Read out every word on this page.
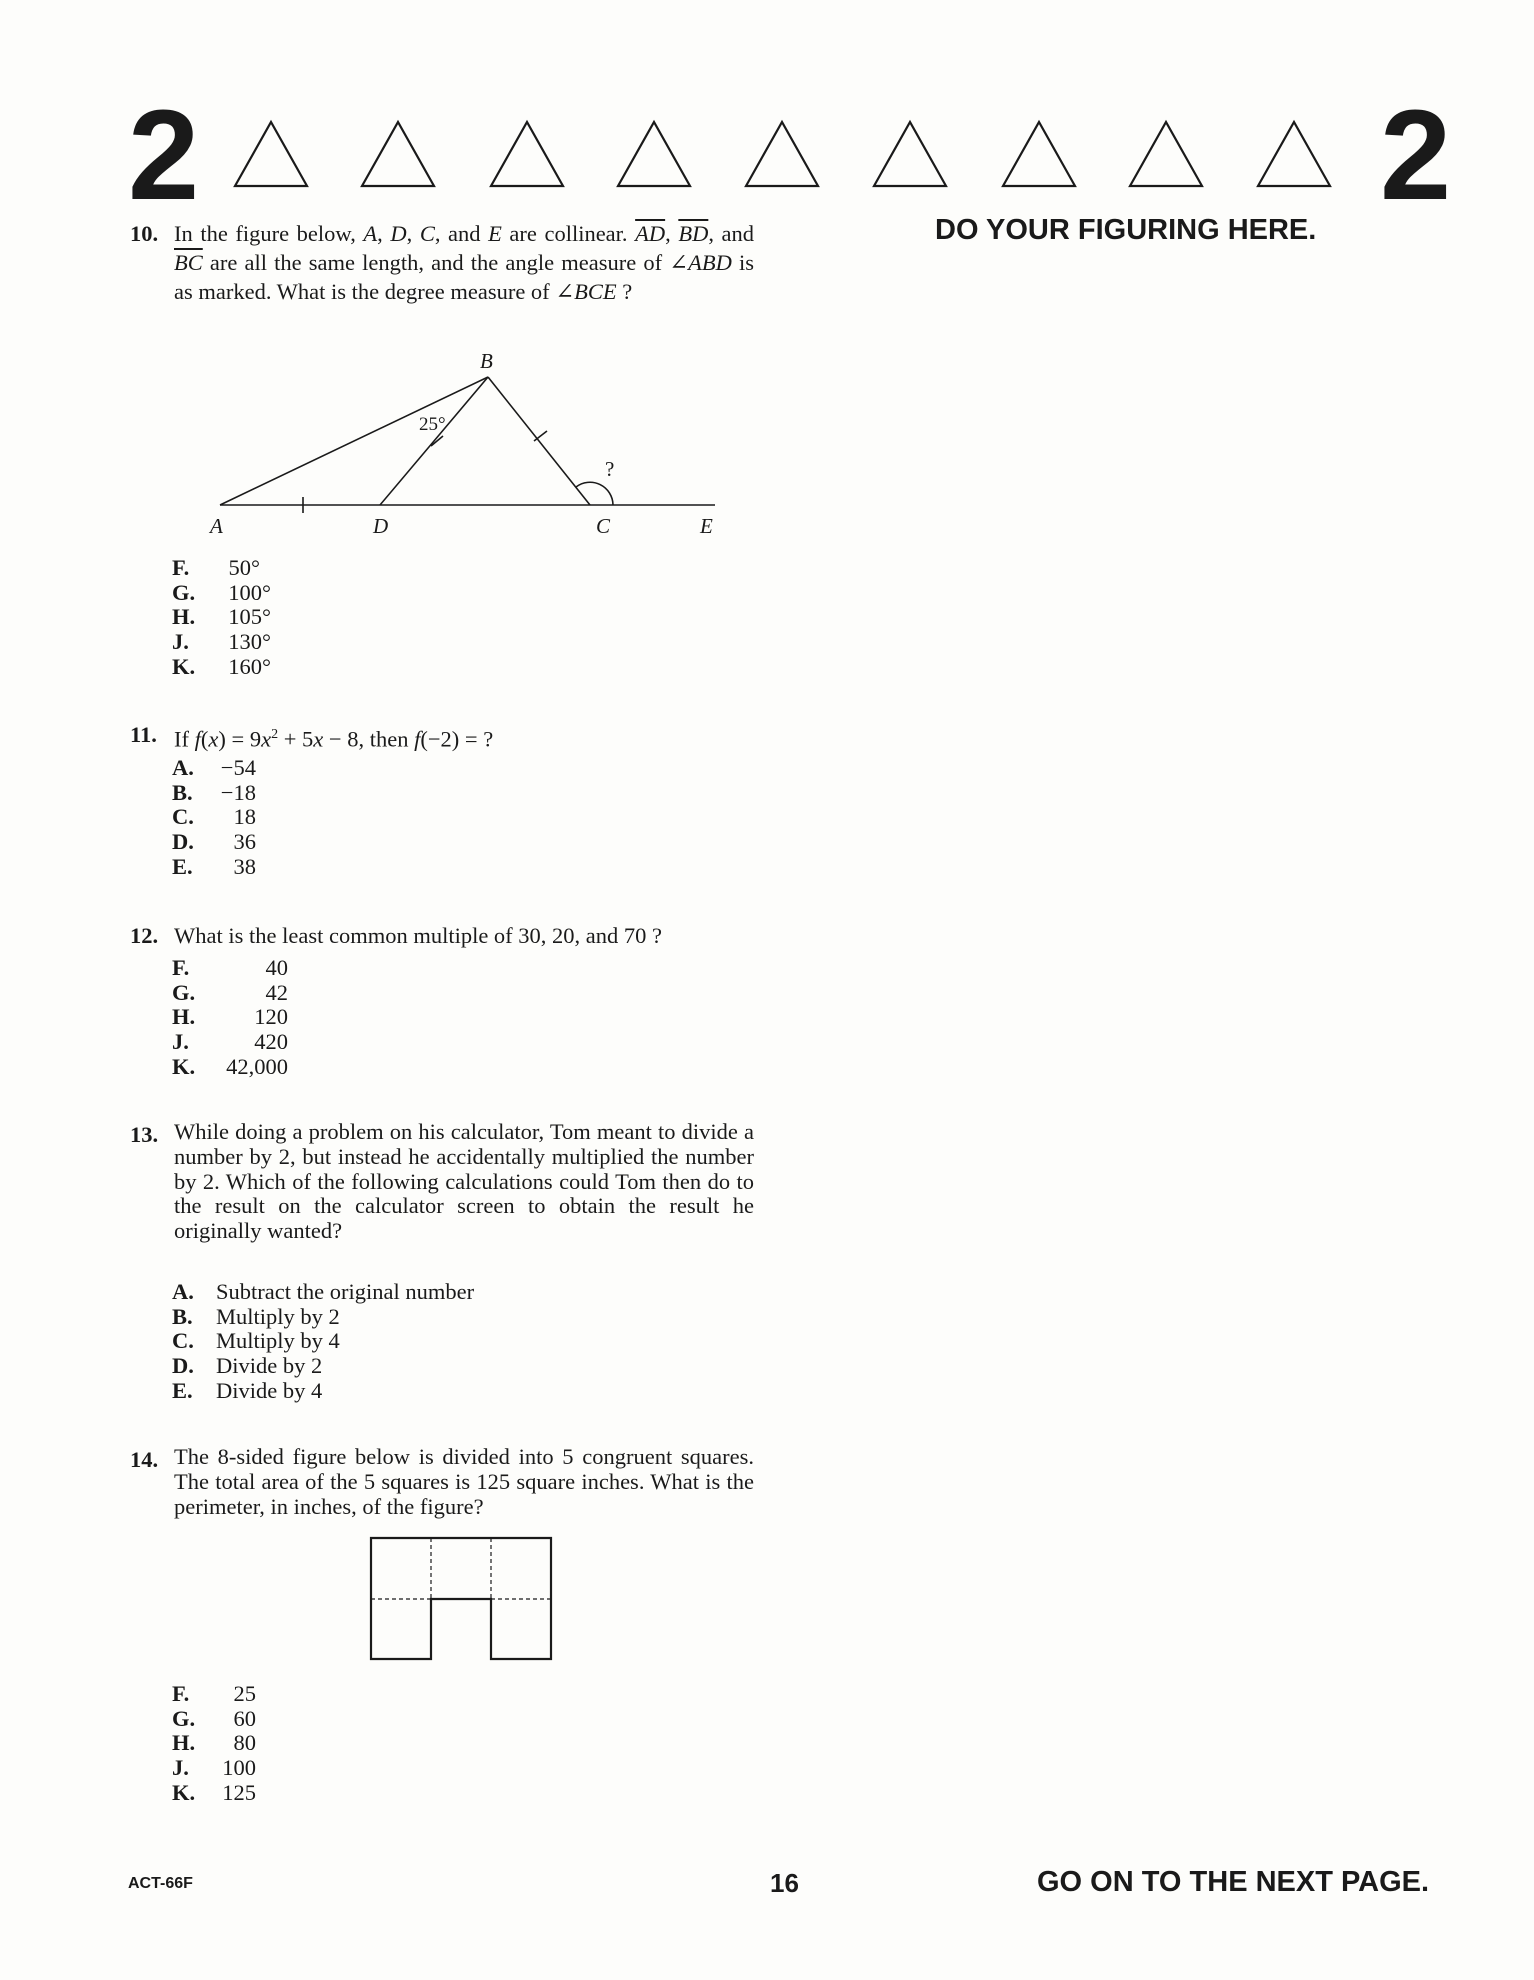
2	2
DO YOUR FIGURING HERE.
10. In the figure below, A, D, C, and E are collinear. $\overline{AD}$, $\overline{BD}$, and $\overline{BC}$ are all the same length, and the angle measure of ∠ABD is as marked. What is the degree measure of ∠BCE ?
B
A	D	C	E
?
25°
F.	50°
G.	100°
H.	105°
J.	130°
K.	160°
11. If $f(x) = 9x^2 + 5x - 8$, then f(−2) = ?
A.	−54
B.	−18
C.	18
D.	36
E.	38
12. What is the least common multiple of 30, 20, and 70 ?
F.	40
G.	42
H.	120
J.	420
K.	42,000
13. While doing a problem on his calculator, Tom meant to divide a number by 2, but instead he accidentally multiplied the number by 2. Which of the following calculations could Tom then do to the result on the calculator screen to obtain the result he originally wanted?
A. Subtract the original number
B.	Multiply by 2
C. Multiply by 4
D. Divide by 2
E.	Divide by 4
14. The 8-sided figure below is divided into 5 congruent squares. The total area of the 5 squares is 125 square inches. What is the perimeter, in inches, of the figure?
F.	25
G.	60
H.	80
J.	100
K.	125
ACT-66F	16	GO ON TO THE NEXT PAGE.
